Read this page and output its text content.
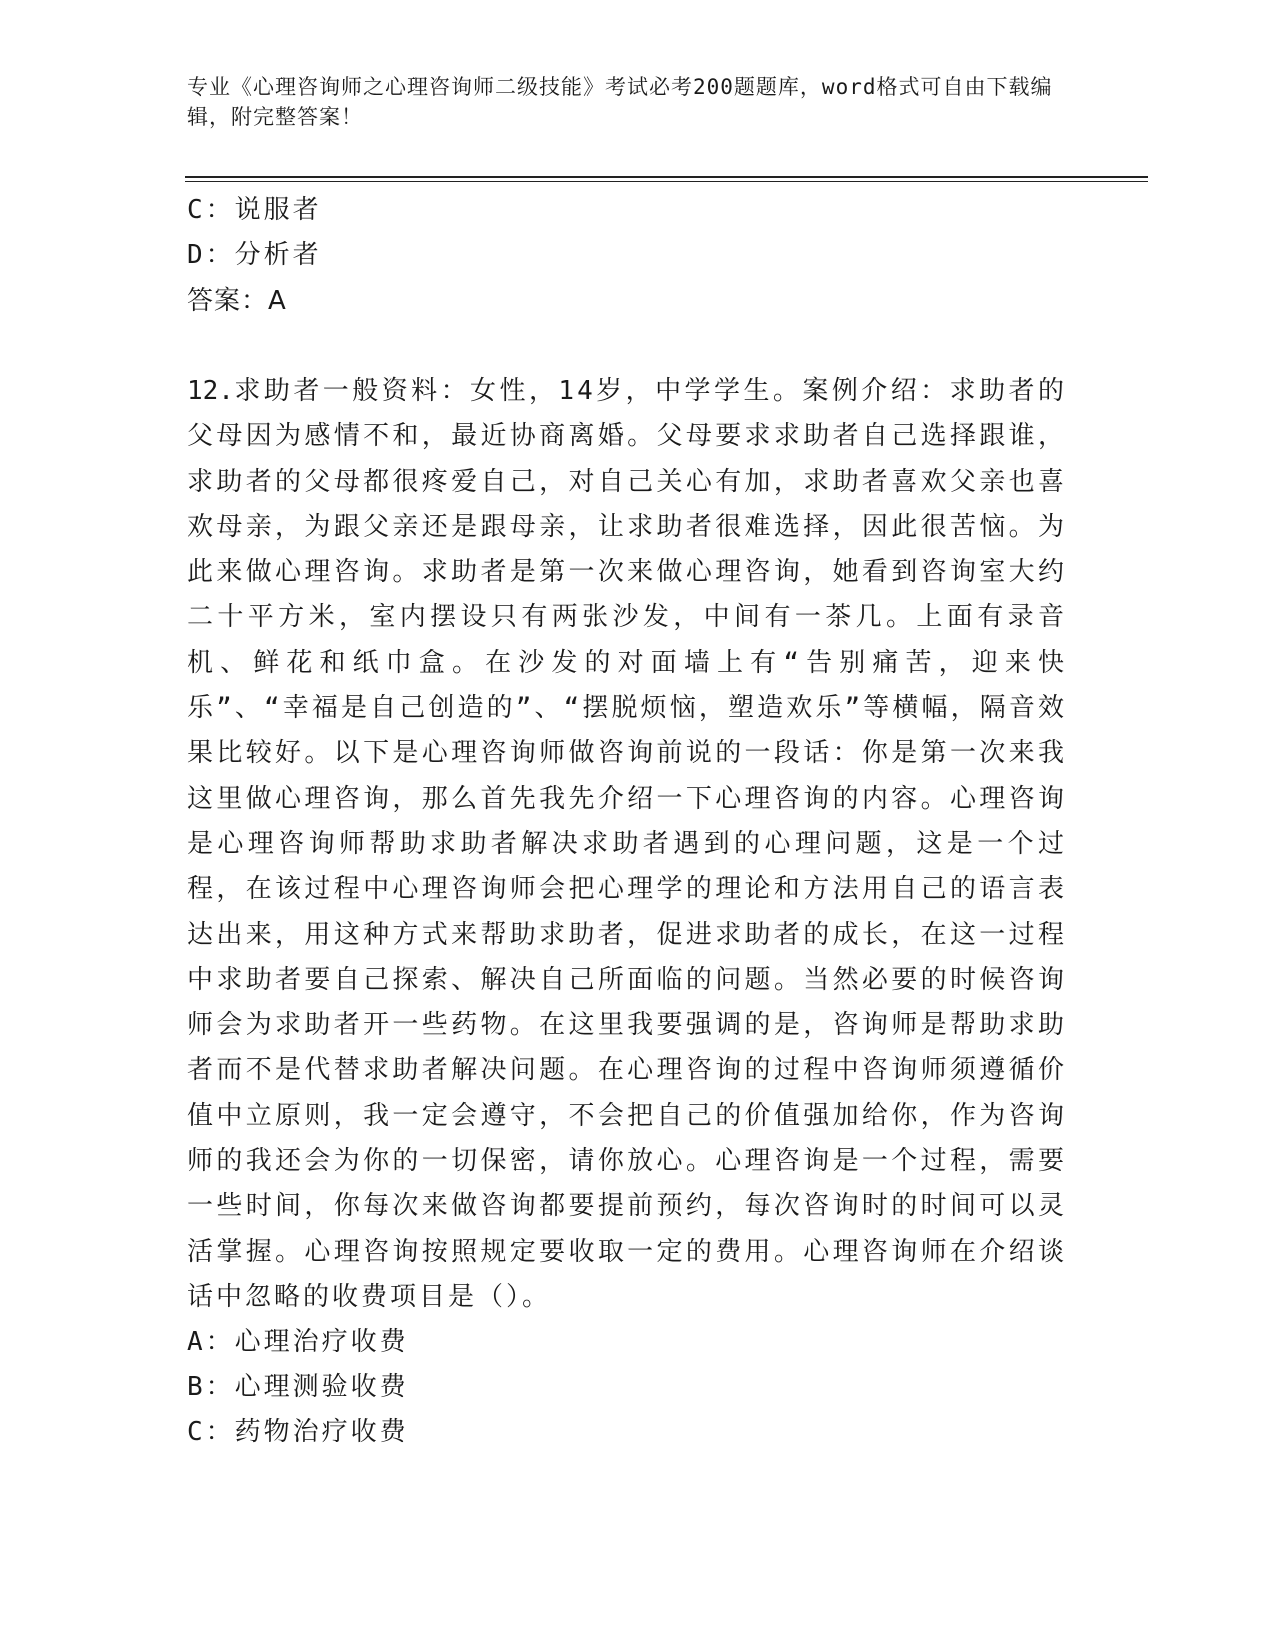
专业《心理咨询师之心理咨询师二级技能》考试必考200题题库，word格式可自由下载编辑，附完整答案！
C：说服者
D：分析者
答案：A
12.求助者一般资料：女性，14岁，中学学生。案例介绍：求助者的父母因为感情不和，最近协商离婚。父母要求求助者自己选择跟谁，求助者的父母都很疼爱自己，对自己关心有加，求助者喜欢父亲也喜欢母亲，为跟父亲还是跟母亲，让求助者很难选择，因此很苦恼。为此来做心理咨询。求助者是第一次来做心理咨询，她看到咨询室大约二十平方米，室内摆设只有两张沙发，中间有一茶几。上面有录音机、鲜花和纸巾盒。在沙发的对面墙上有“告别痛苦，迎来快乐”、“幸福是自己创造的”、“摆脱烦恼，塑造欢乐”等横幅，隔音效果比较好。以下是心理咨询师做咨询前说的一段话：你是第一次来我这里做心理咨询，那么首先我先介绍一下心理咨询的内容。心理咨询是心理咨询师帮助求助者解决求助者遇到的心理问题，这是一个过程，在该过程中心理咨询师会把心理学的理论和方法用自己的语言表达出来，用这种方式来帮助求助者，促进求助者的成长，在这一过程中求助者要自己探索、解决自己所面临的问题。当然必要的时候咨询师会为求助者开一些药物。在这里我要强调的是，咨询师是帮助求助者而不是代替求助者解决问题。在心理咨询的过程中咨询师须遵循价值中立原则，我一定会遵守，不会把自己的价值强加给你，作为咨询师的我还会为你的一切保密，请你放心。心理咨询是一个过程，需要一些时间，你每次来做咨询都要提前预约，每次咨询时的时间可以灵活掌握。心理咨询按照规定要收取一定的费用。心理咨询师在介绍谈话中忽略的收费项目是（）。
A：心理治疗收费
B：心理测验收费
C：药物治疗收费
